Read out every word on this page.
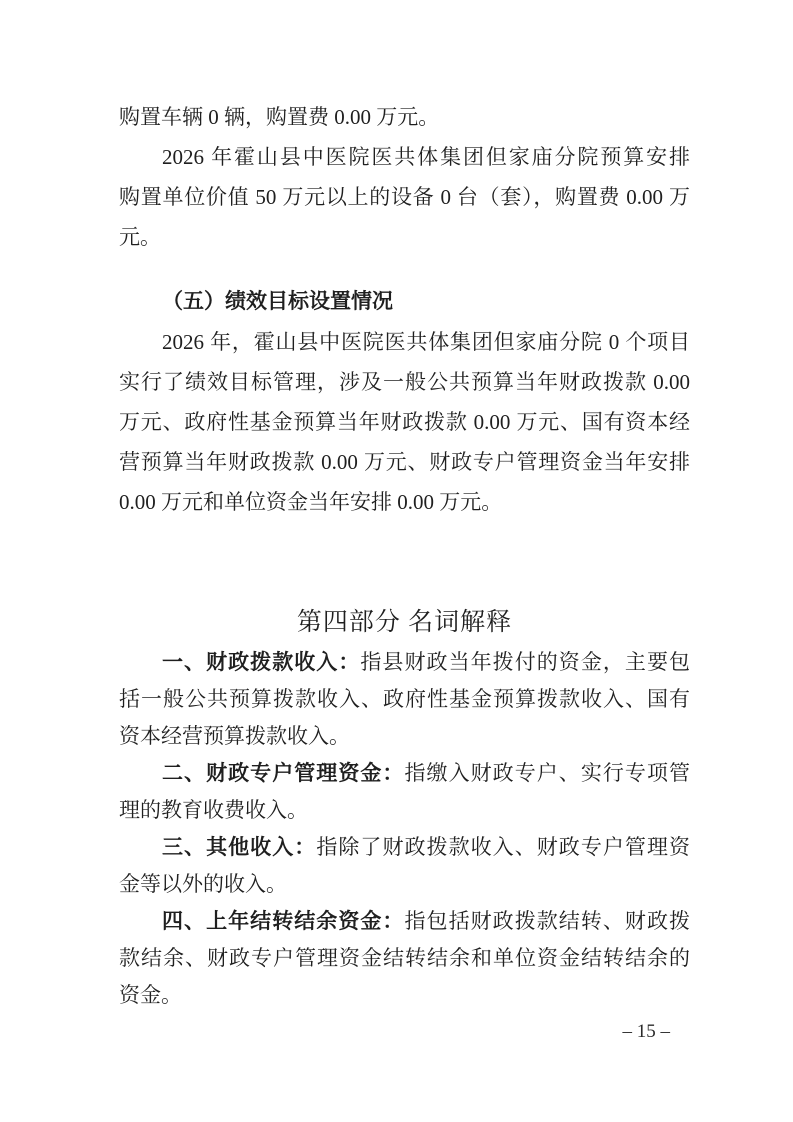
购置车辆 0 辆，购置费 0.00 万元。
2026 年霍山县中医院医共体集团但家庙分院预算安排
购置单位价值 50 万元以上的设备 0 台（套），购置费 0.00 万
元。
（五）绩效目标设置情况
2026 年，霍山县中医院医共体集团但家庙分院 0 个项目
实行了绩效目标管理，涉及一般公共预算当年财政拨款 0.00
万元、政府性基金预算当年财政拨款 0.00 万元、国有资本经
营预算当年财政拨款 0.00 万元、财政专户管理资金当年安排
0.00 万元和单位资金当年安排 0.00 万元。
第四部分 名词解释
一、财政拨款收入：指县财政当年拨付的资金，主要包
括一般公共预算拨款收入、政府性基金预算拨款收入、国有
资本经营预算拨款收入。
二、财政专户管理资金：指缴入财政专户、实行专项管
理的教育收费收入。
三、其他收入：指除了财政拨款收入、财政专户管理资
金等以外的收入。
四、上年结转结余资金：指包括财政拨款结转、财政拨
款结余、财政专户管理资金结转结余和单位资金结转结余的
资金。
– 15 –
